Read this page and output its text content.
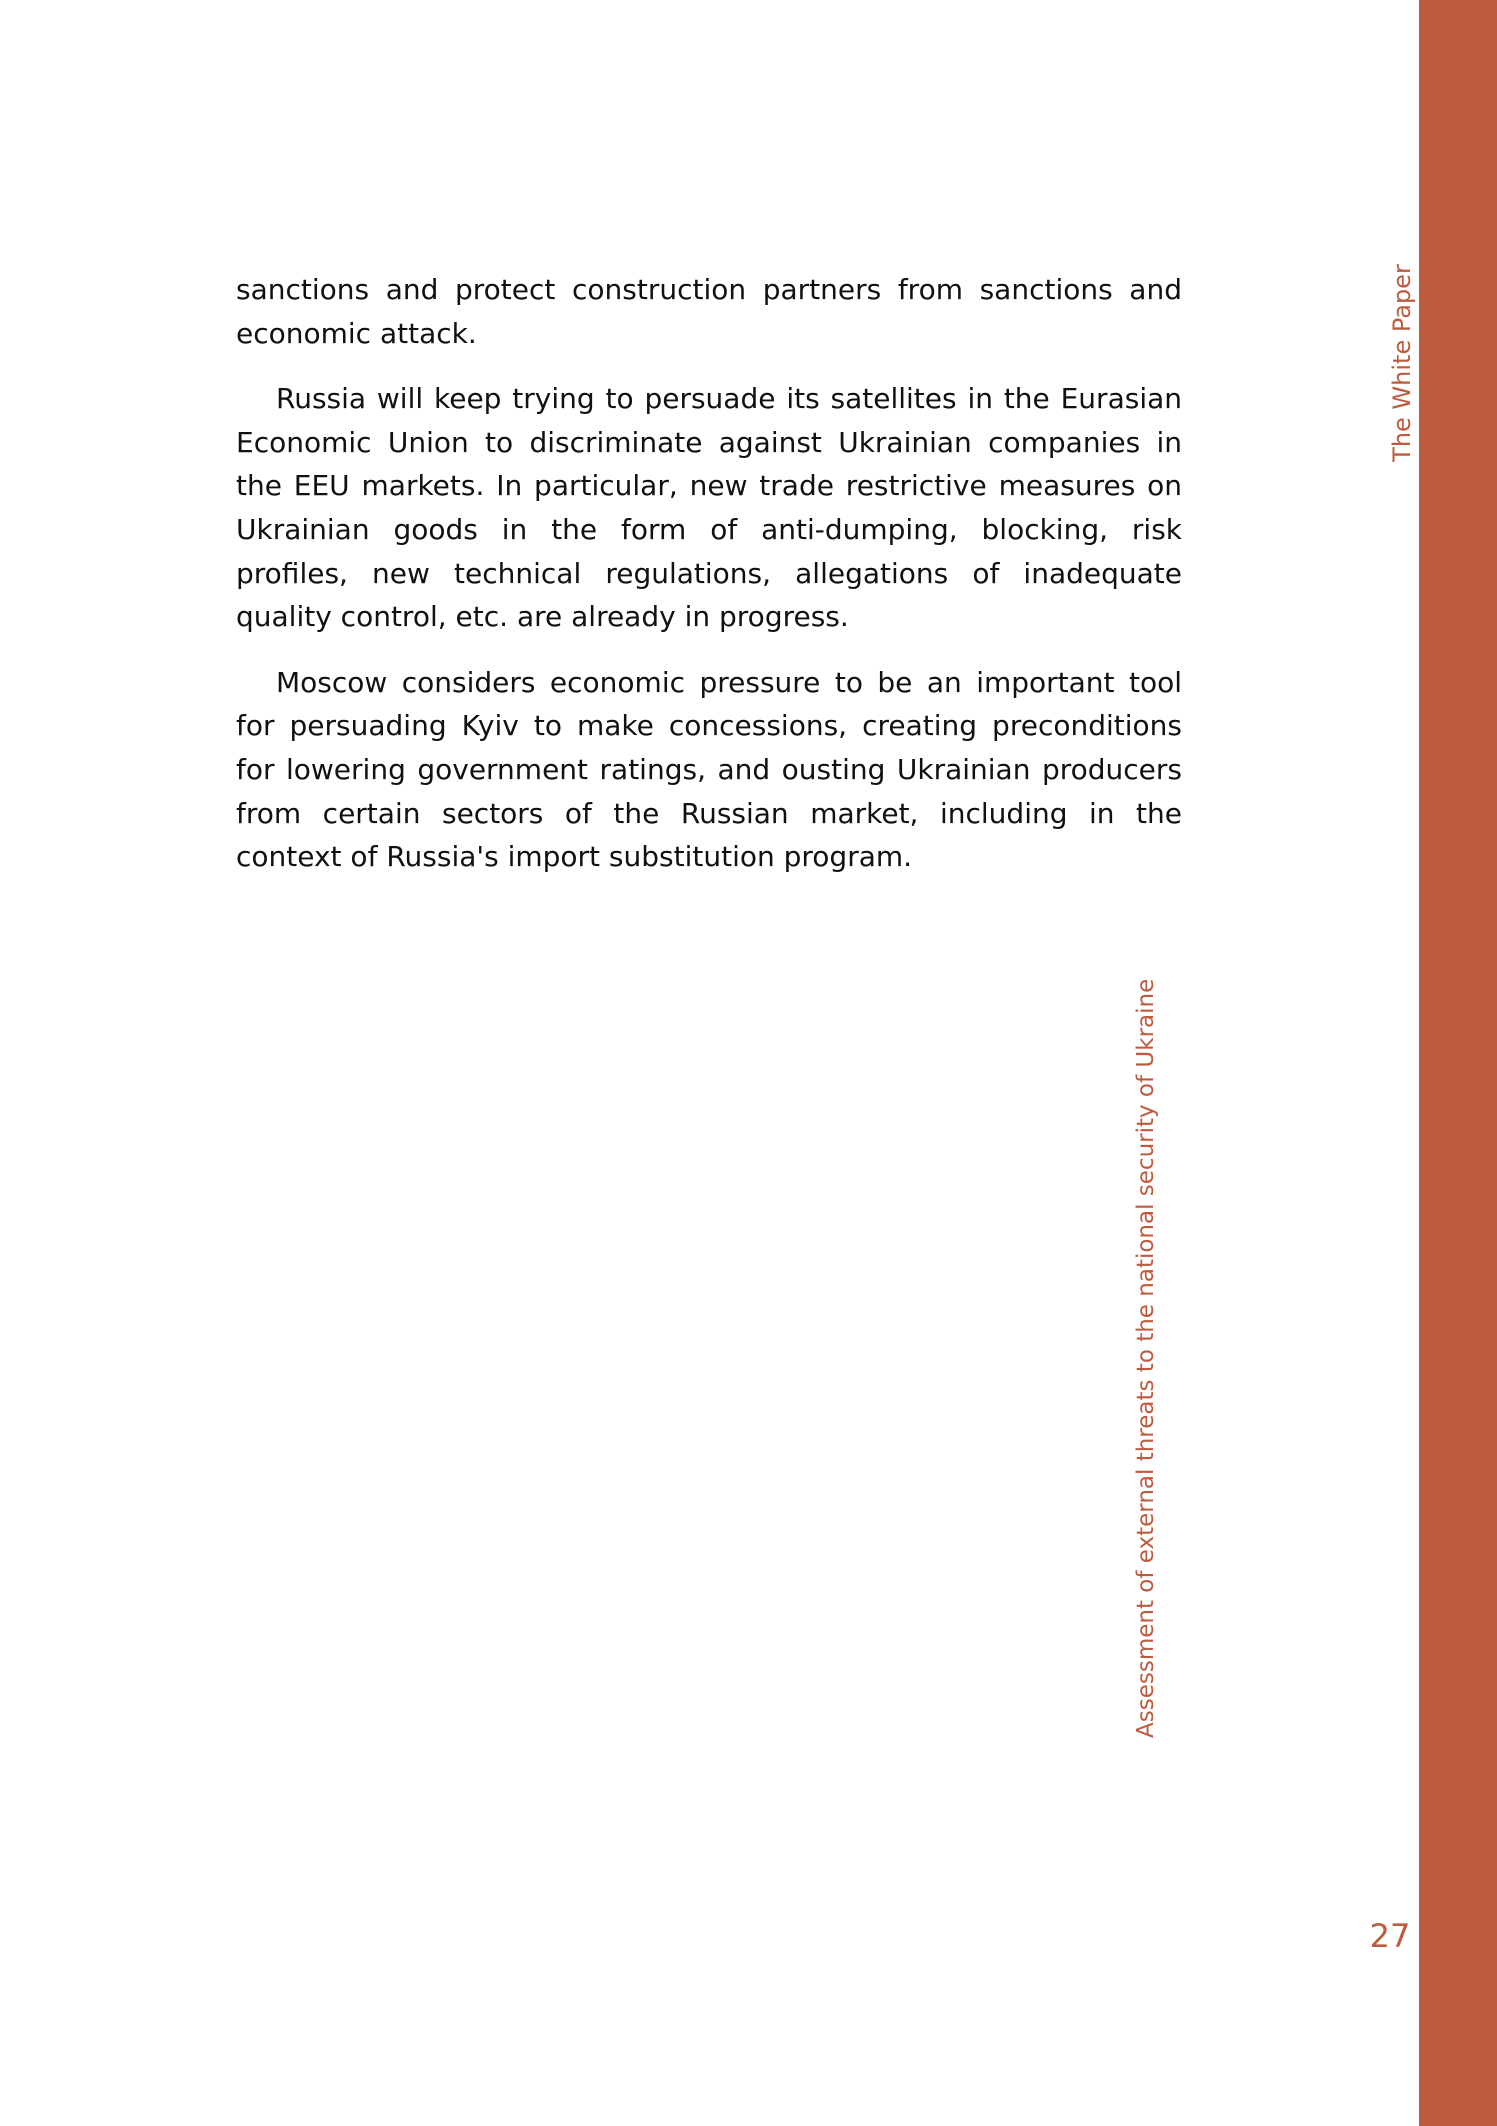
sanctions and protect construction partners from sanctions and economic attack.

Russia will keep trying to persuade its satellites in the Eurasian Economic Union to discriminate against Ukrainian companies in the EEU markets. In particular, new trade restrictive measures on Ukrainian goods in the form of anti-dumping, blocking, risk profiles, new technical regulations, allegations of inadequate quality control, etc. are already in progress.

Moscow considers economic pressure to be an important tool for persuading Kyiv to make concessions, creating preconditions for lowering government ratings, and ousting Ukrainian producers from certain sectors of the Russian market, including in the context of Russia's import substitution program.

The White Paper
Assessment of external threats to the national security of Ukraine
27
